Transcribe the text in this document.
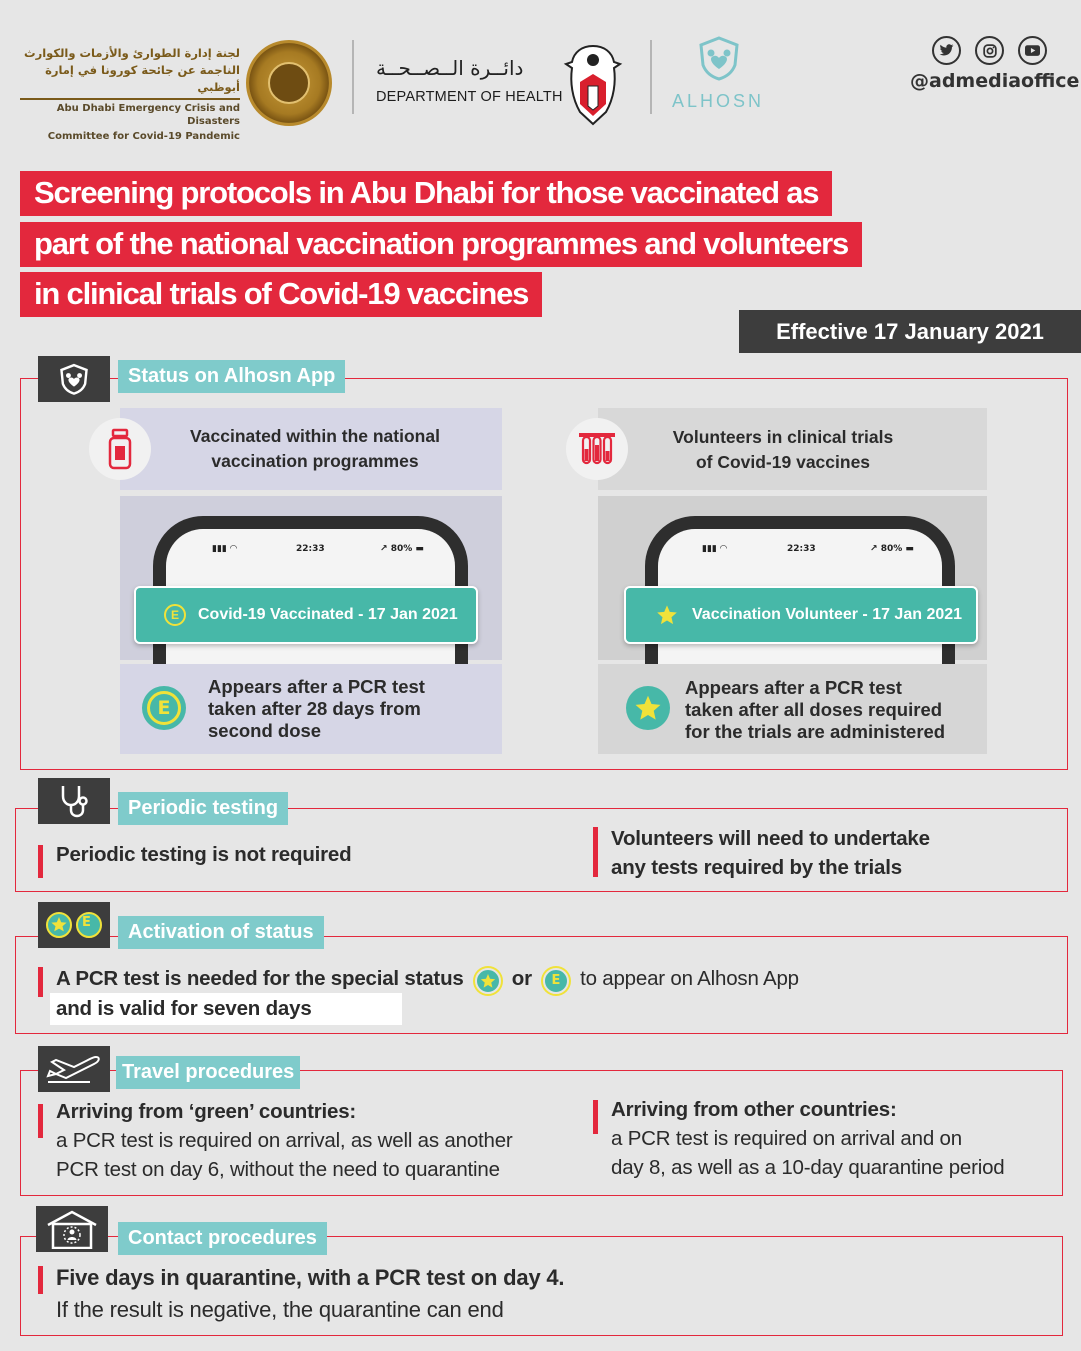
لجنة إدارة الطوارئ والأزمات والكوارث
الناجمة عن جائحة كورونا في إمارة أبوظبي
Abu Dhabi Emergency Crisis and Disasters
Committee for Covid-19 Pandemic
دائــرة الــصــحــة
DEPARTMENT OF HEALTH	ALHOSN
@admediaoffice
Screening protocols in Abu Dhabi for those vaccinated as
part of the national vaccination programmes and volunteers
in clinical trials of Covid-19 vaccines
Effective 17 January 2021
Status on Alhosn App
Vaccinated within the national
vaccination programmes
▮▮▮ ◠	22:33	↗ 80% ▬
E	Covid-19 Vaccinated - 17 Jan 2021
E
Appears after a PCR test
taken after 28 days from
second dose
Volunteers in clinical trials
of Covid-19 vaccines
▮▮▮ ◠	22:33	↗ 80% ▬
Vaccination Volunteer - 17 Jan 2021
Appears after a PCR test
taken after all doses required
for the trials are administered
Periodic testing
Periodic testing is not required
Volunteers will need to undertake
any tests required by the trials
E	Activation of status
A PCR test is needed for the special status or E to appear on Alhosn App
and is valid for seven days
Travel procedures
Arriving from ‘green’ countries:
a PCR test is required on arrival, as well as another
PCR test on day 6, without the need to quarantine
Arriving from other countries:
a PCR test is required on arrival and on
day 8, as well as a 10-day quarantine period
Contact procedures
Five days in quarantine, with a PCR test on day 4.
If the result is negative, the quarantine can end
